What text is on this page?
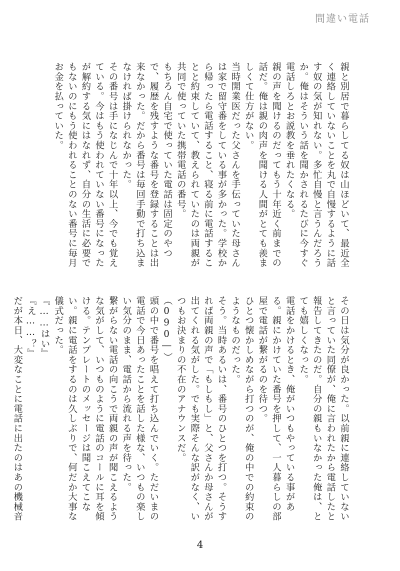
間違い電話

親と別居で暮らしてる奴は山ほどいて、最近全く連絡していないことを丸で自慢するように話す奴の気が知れない。多忙自慢と言うんだろうか。俺はそういう話を聞かされるたびに今すぐ電話しろとお説教を垂れたくなる。

親の声を聞けるのだってもう十年近く前までの話だ。俺は親の肉声を聞ける人間がとても羨ましくて仕方がない。

当時開業医だった父さんを手伝っていた母さんは家で留守番をしている事が多かった。学校から帰ったら電話すること、寝る前に電話することと約束していて、教えられていたのは両親が共同で使っていた携帯電話の番号。

もちろん自宅で使っていた電話は固定のやつで、履歴を残すような番号を登録することは出来なかった。だから番号は毎回手動で打ち込まなければ掛けられなかった。

その番号は手になじんで十年以上、今でも覚えている。今はもう使われていない番号になったが解約する気にはなれず、自分の生活に必要でもないのにもう使われることのない番号に毎月お金を払っていた。

その日は気分が良かった。以前親に連絡していないと言っていた同僚が、俺に言われたから電話したと報告してきたのだ。自分の親もいなかった俺は、とても嬉しくなった。

電話をかけるとき、俺がいつもやっている事がある。親にかけていた番号を押して、一人暮らしの部屋で電話が繋がるのを待つ。

ひとつ懐かしめながら打つのが、俺の中での約束のようなものだった。

そう。当時あるいは、番号のひとつを打つ。そうすれば両親の声で「もしもし」と、父さんか母さんが出てくれる気がした。でも実際そんな訳がなく、いつもお決まりの不在のアナウンスだ。

（090―）

頭の中で番号を唱えて打ち込んでいく。ただいまの電話で今日あったことを話した様な、いつもの楽しい気分のまま、電話から流れる声を待った。

繋がらない電話の向こうで両親の声が聞こえるような気がして、いつものように電話のコールに耳を傾ける。テンプレートのメッセージは聞こえてこない。親に電話をするのは久しぶりで、何だか大事な儀式だった。

『……はい』

『え……？』

だが本日、大変なことに電話に出たのはあの機械音

4
